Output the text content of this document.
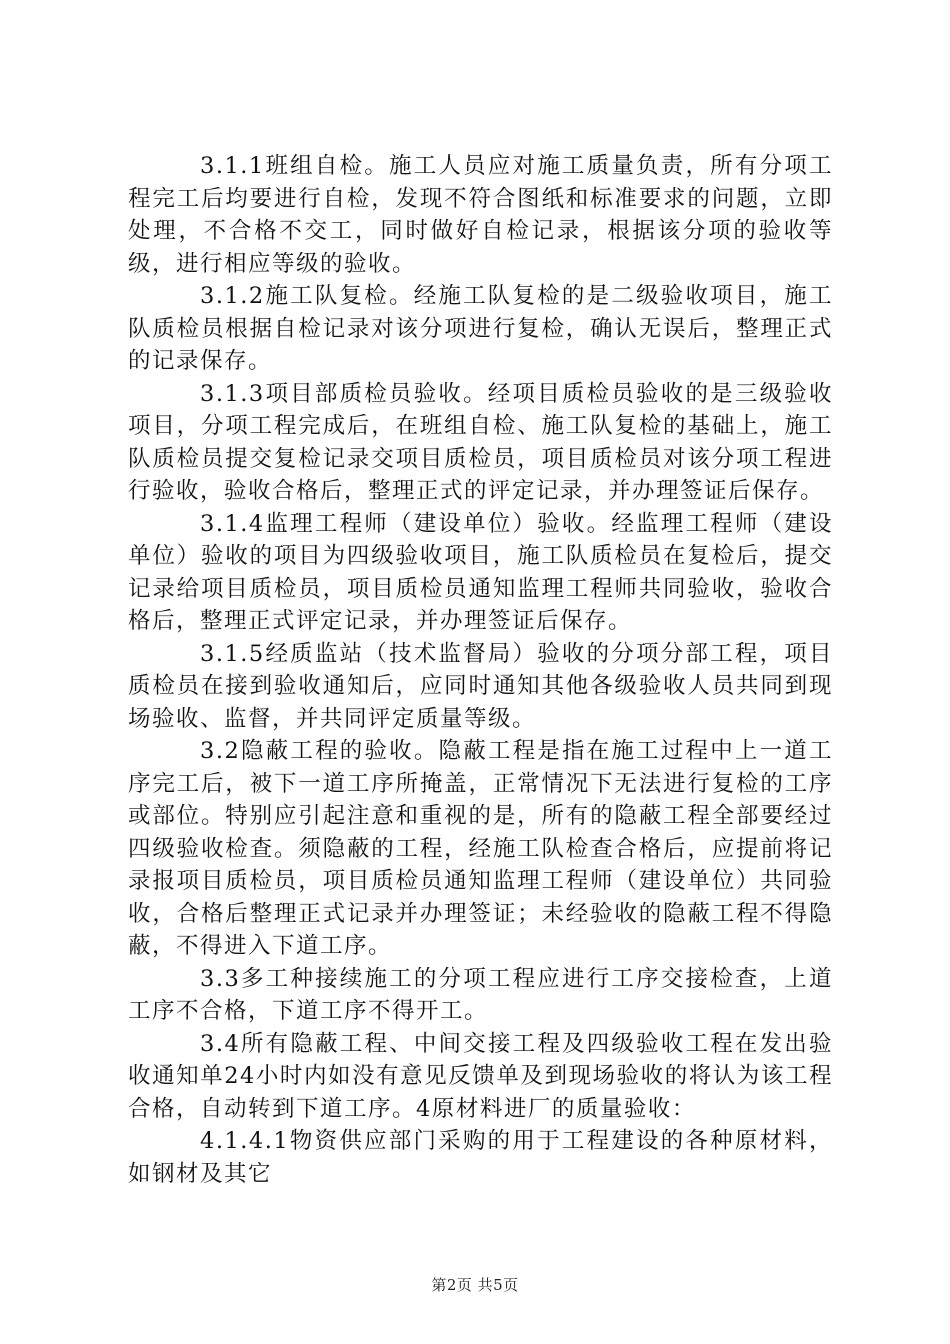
3.1.1班组自检。施工人员应对施工质量负责，所有分项工程完工后均要进行自检，发现不符合图纸和标准要求的问题，立即处理，不合格不交工，同时做好自检记录，根据该分项的验收等级，进行相应等级的验收。

3.1.2施工队复检。经施工队复检的是二级验收项目，施工队质检员根据自检记录对该分项进行复检，确认无误后，整理正式的记录保存。

3.1.3项目部质检员验收。经项目质检员验收的是三级验收项目，分项工程完成后，在班组自检、施工队复检的基础上，施工队质检员提交复检记录交项目质检员，项目质检员对该分项工程进行验收，验收合格后，整理正式的评定记录，并办理签证后保存。

3.1.4监理工程师（建设单位）验收。经监理工程师（建设单位）验收的项目为四级验收项目，施工队质检员在复检后，提交记录给项目质检员，项目质检员通知监理工程师共同验收，验收合格后，整理正式评定记录，并办理签证后保存。

3.1.5经质监站（技术监督局）验收的分项分部工程，项目质检员在接到验收通知后，应同时通知其他各级验收人员共同到现场验收、监督，并共同评定质量等级。

3.2隐蔽工程的验收。隐蔽工程是指在施工过程中上一道工序完工后，被下一道工序所掩盖，正常情况下无法进行复检的工序或部位。特别应引起注意和重视的是，所有的隐蔽工程全部要经过四级验收检查。须隐蔽的工程，经施工队检查合格后，应提前将记录报项目质检员，项目质检员通知监理工程师（建设单位）共同验收，合格后整理正式记录并办理签证；未经验收的隐蔽工程不得隐蔽，不得进入下道工序。

3.3多工种接续施工的分项工程应进行工序交接检查，上道工序不合格，下道工序不得开工。

3.4所有隐蔽工程、中间交接工程及四级验收工程在发出验收通知单24小时内如没有意见反馈单及到现场验收的将认为该工程合格，自动转到下道工序。4原材料进厂的质量验收：

4.1.4.1物资供应部门采购的用于工程建设的各种原材料，如钢材及其它

第2页 共5页
